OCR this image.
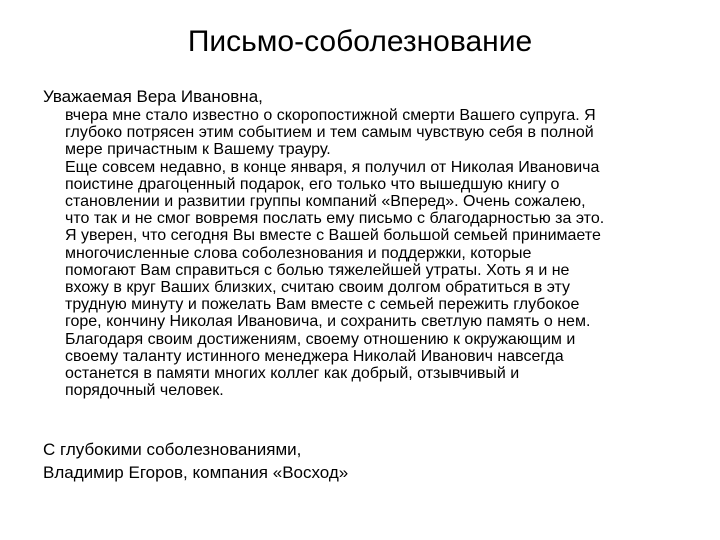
Письмо-соболезнование

Уважаемая Вера Ивановна,

вчера мне стало известно о скоропостижной смерти Вашего супруга. Я
глубоко потрясен этим событием и тем самым чувствую себя в полной
мере причастным к Вашему трауру.

Еще совсем недавно, в конце января, я получил от Николая Ивановича
поистине драгоценный подарок, его только что вышедшую книгу о
становлении и развитии группы компаний «Вперед». Очень сожалею,
что так и не смог вовремя послать ему письмо с благодарностью за это.

Я уверен, что сегодня Вы вместе с Вашей большой семьей принимаете
многочисленные слова соболезнования и поддержки, которые
помогают Вам справиться с болью тяжелейшей утраты. Хоть я и не
вхожу в круг Ваших близких, считаю своим долгом обратиться в эту
трудную минуту и пожелать Вам вместе с семьей пережить глубокое
горе, кончину Николая Ивановича, и сохранить светлую память о нем.

Благодаря своим достижениям, своему отношению к окружающим и
своему таланту истинного менеджера Николай Иванович навсегда
останется в памяти многих коллег как добрый, отзывчивый и
порядочный человек.

С глубокими соболезнованиями,
Владимир Егоров, компания «Восход»
